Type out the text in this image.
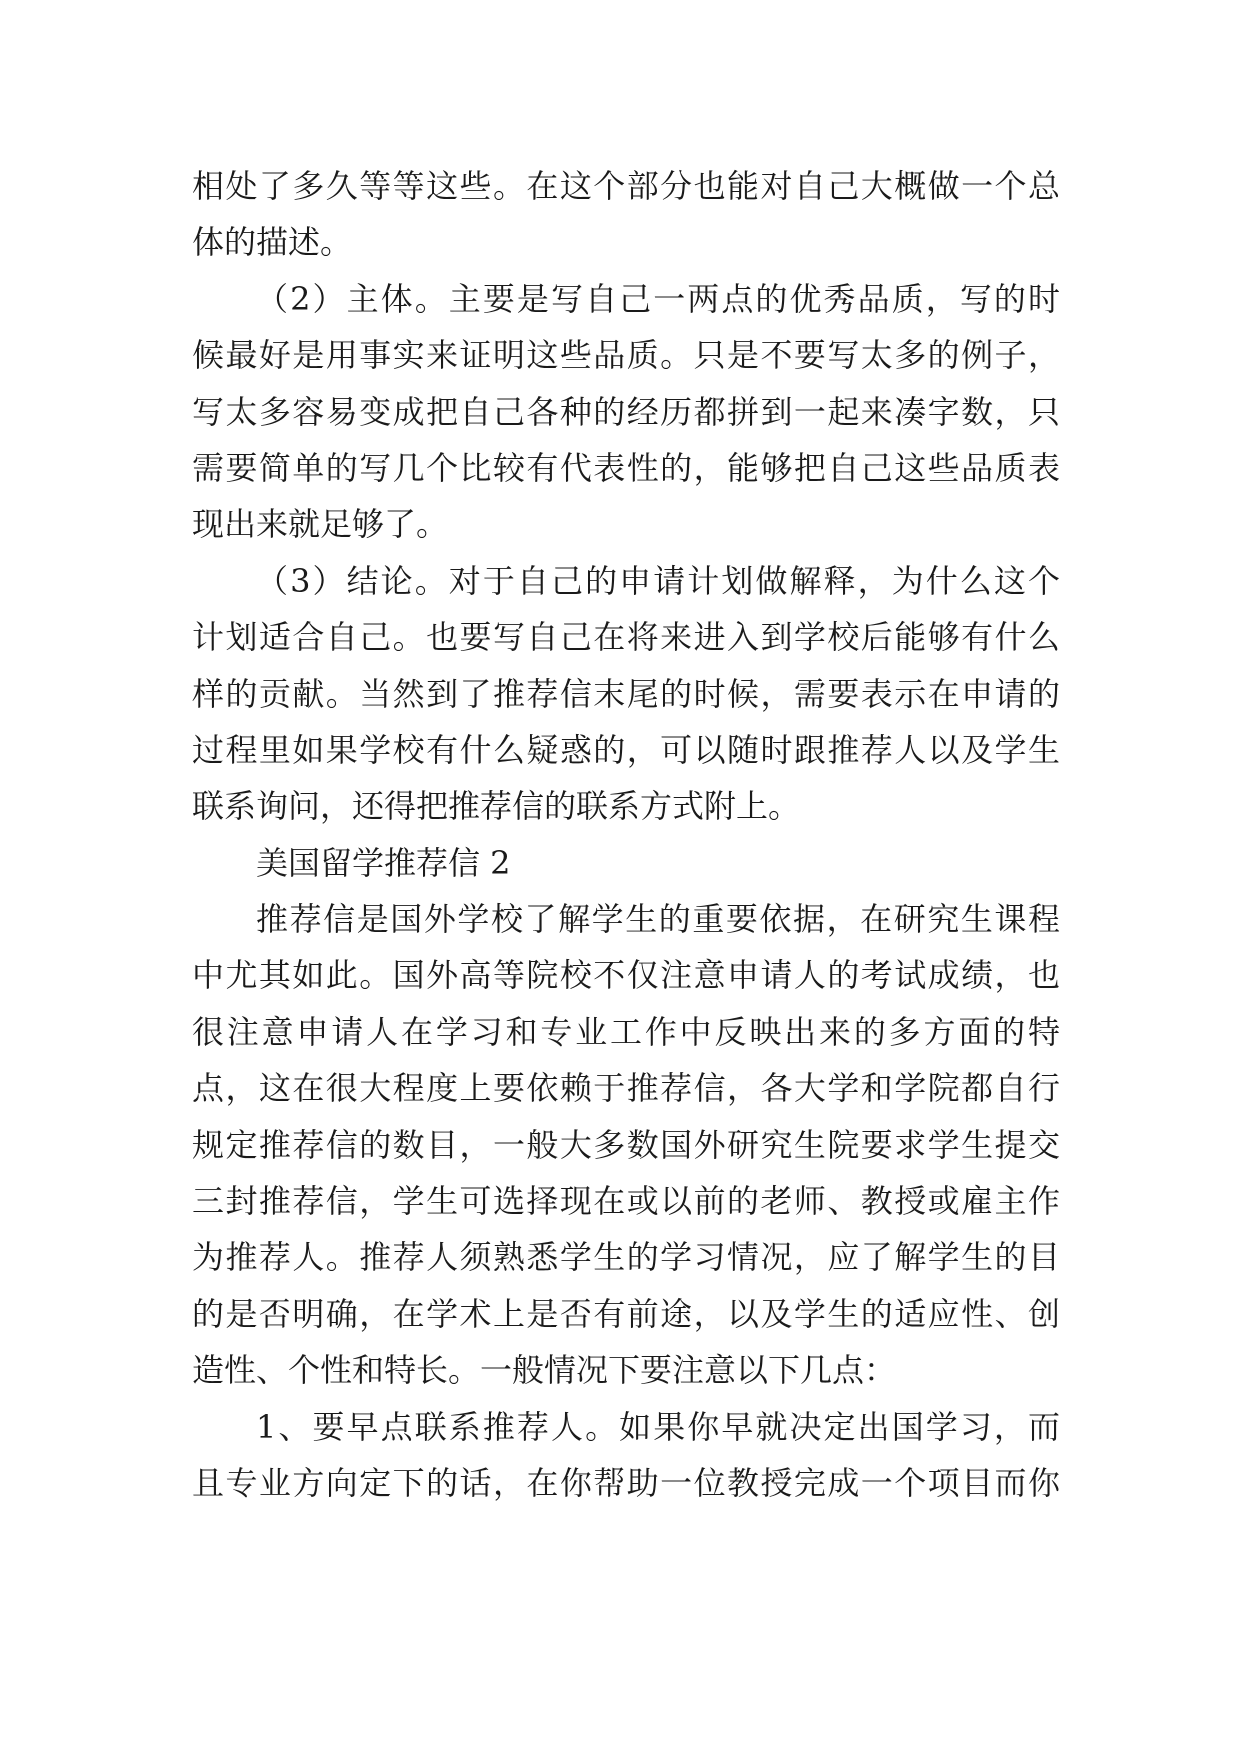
相处了多久等等这些。在这个部分也能对自己大概做一个总
体的描述。
（2）主体。主要是写自己一两点的优秀品质，写的时
候最好是用事实来证明这些品质。只是不要写太多的例子，
写太多容易变成把自己各种的经历都拼到一起来凑字数，只
需要简单的写几个比较有代表性的，能够把自己这些品质表
现出来就足够了。
（3）结论。对于自己的申请计划做解释，为什么这个
计划适合自己。也要写自己在将来进入到学校后能够有什么
样的贡献。当然到了推荐信末尾的时候，需要表示在申请的
过程里如果学校有什么疑惑的，可以随时跟推荐人以及学生
联系询问，还得把推荐信的联系方式附上。
美国留学推荐信 2
推荐信是国外学校了解学生的重要依据，在研究生课程
中尤其如此。国外高等院校不仅注意申请人的考试成绩，也
很注意申请人在学习和专业工作中反映出来的多方面的特
点，这在很大程度上要依赖于推荐信，各大学和学院都自行
规定推荐信的数目，一般大多数国外研究生院要求学生提交
三封推荐信，学生可选择现在或以前的老师、教授或雇主作
为推荐人。推荐人须熟悉学生的学习情况，应了解学生的目
的是否明确，在学术上是否有前途，以及学生的适应性、创
造性、个性和特长。一般情况下要注意以下几点：
1、要早点联系推荐人。如果你早就决定出国学习，而
且专业方向定下的话，在你帮助一位教授完成一个项目而你
